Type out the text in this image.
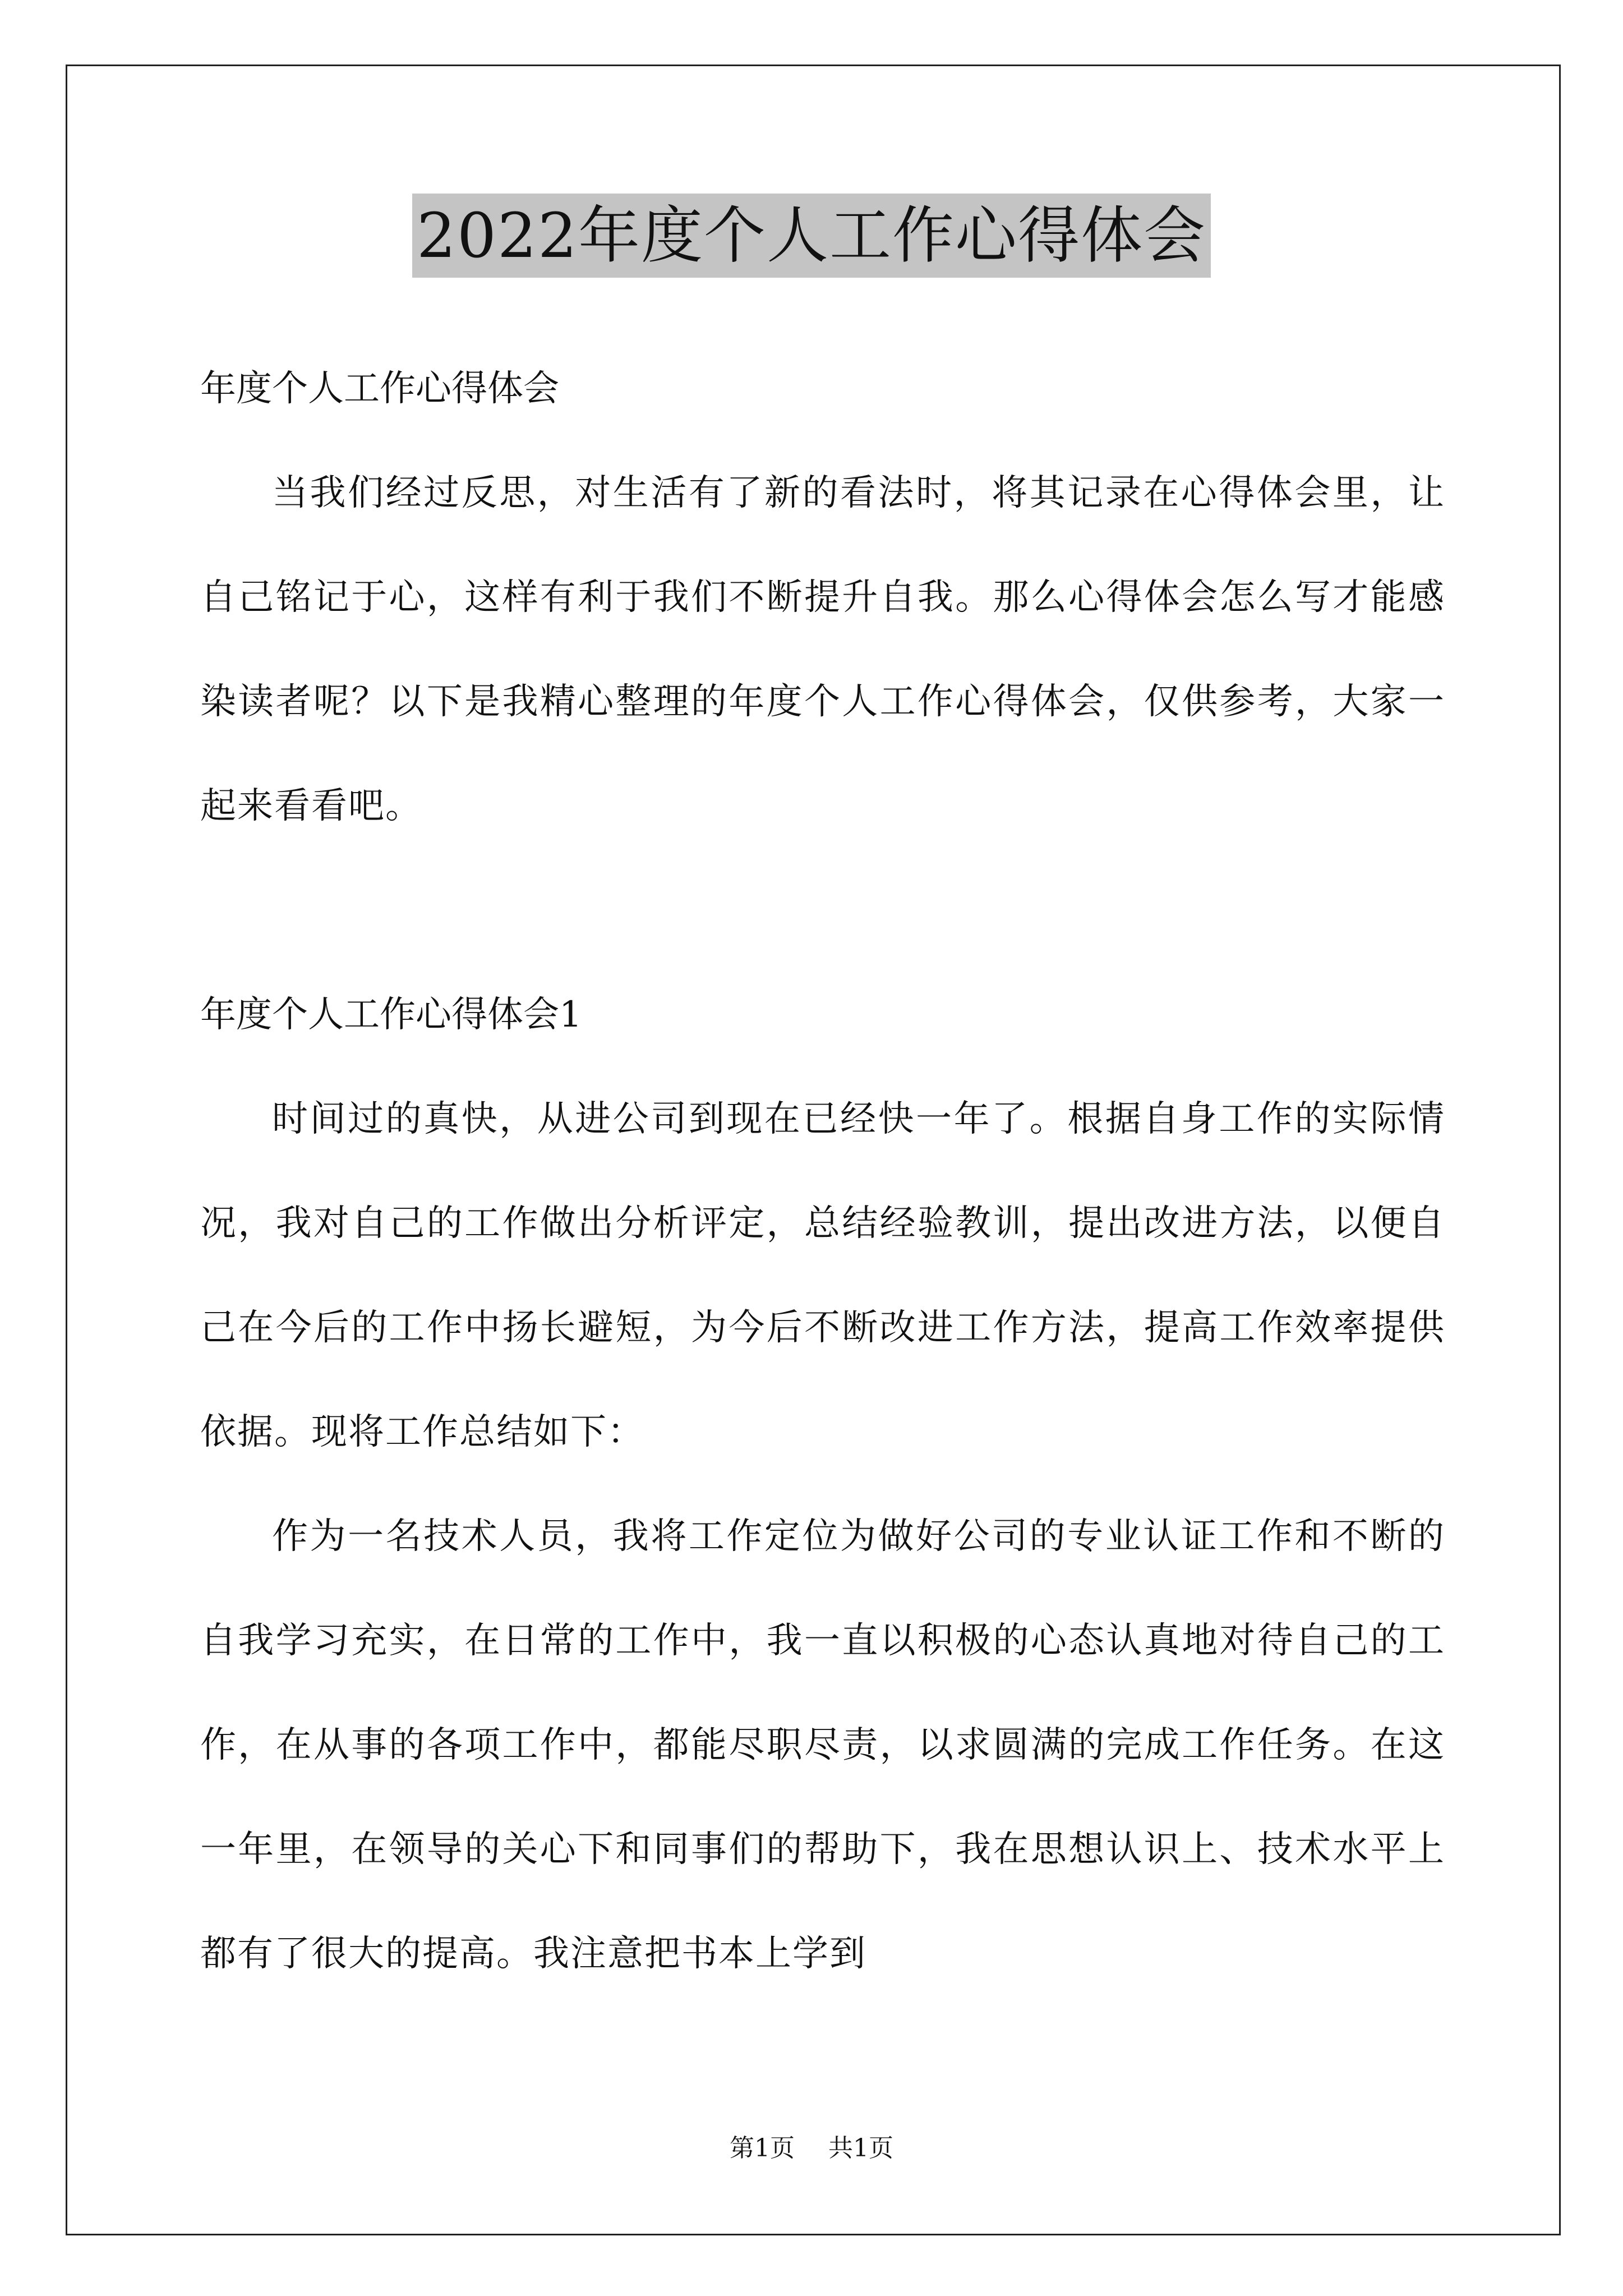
2022年度个人工作心得体会

年度个人工作心得体会

当我们经过反思，对生活有了新的看法时，将其记录在心得体会里，让自己铭记于心，这样有利于我们不断提升自我。那么心得体会怎么写才能感染读者呢？以下是我精心整理的年度个人工作心得体会，仅供参考，大家一起来看看吧。

年度个人工作心得体会1

时间过的真快，从进公司到现在已经快一年了。根据自身工作的实际情况，我对自己的工作做出分析评定，总结经验教训，提出改进方法，以便自己在今后的工作中扬长避短，为今后不断改进工作方法，提高工作效率提供依据。现将工作总结如下：

作为一名技术人员，我将工作定位为做好公司的专业认证工作和不断的自我学习充实，在日常的工作中，我一直以积极的心态认真地对待自己的工作，在从事的各项工作中，都能尽职尽责，以求圆满的完成工作任务。在这一年里，在领导的关心下和同事们的帮助下，我在思想认识上、技术水平上都有了很大的提高。我注意把书本上学到

第1页 共1页
